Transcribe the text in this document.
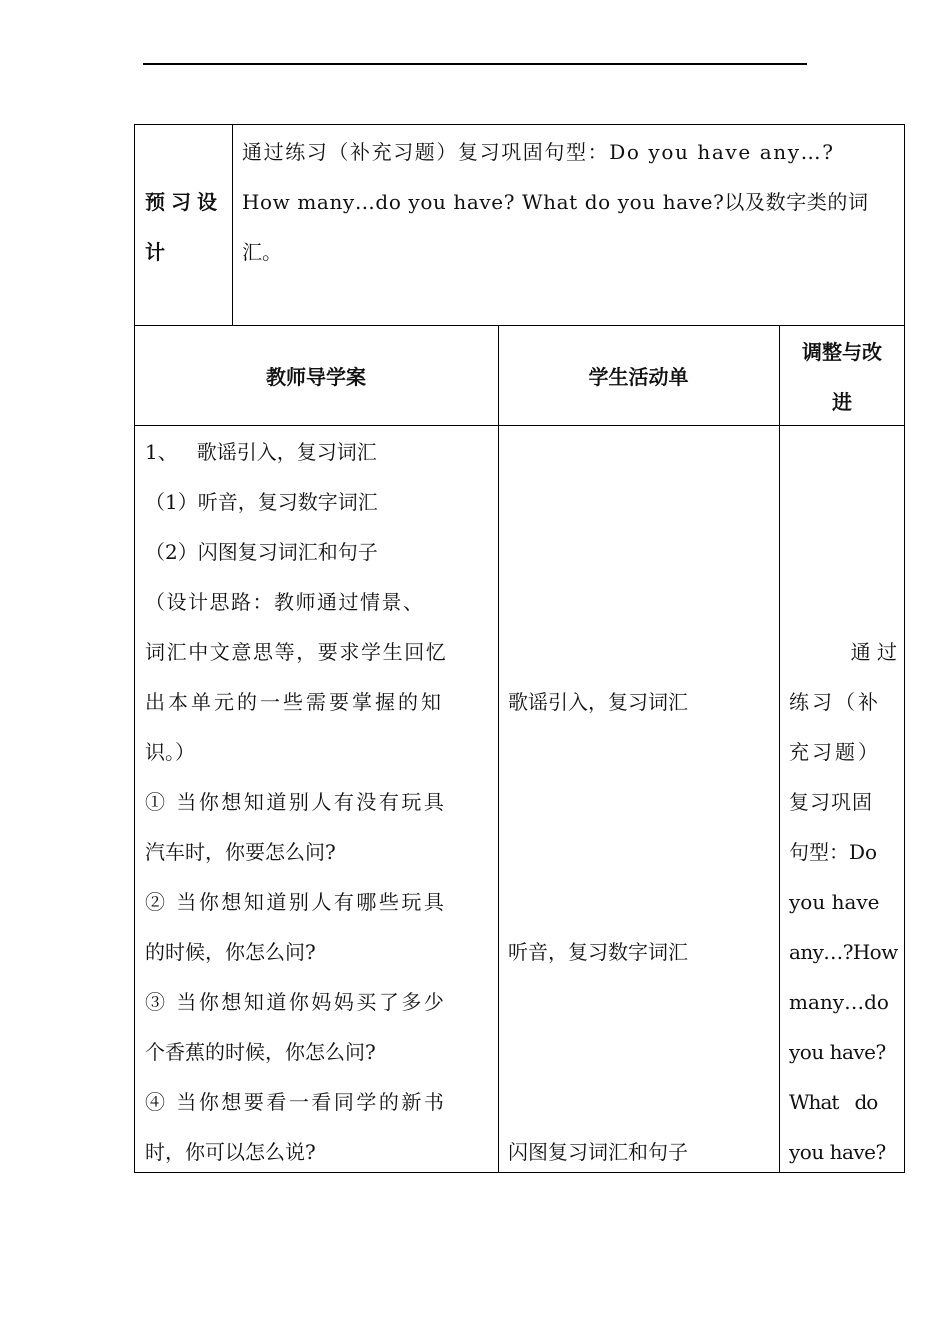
预习设
计
通过练习（补充习题）复习巩固句型：Do you have any…?
How many…do you have? What do you have?以及数字类的词
汇。
教师导学案	学生活动单
调整与改
进
1、   歌谣引入，复习词汇
（1）听音，复习数字词汇
（2）闪图复习词汇和句子
（设计思路：教师通过情景、
词汇中文意思等，要求学生回忆
出本单元的一些需要掌握的知
识。）
① 当你想知道别人有没有玩具
汽车时，你要怎么问?
② 当你想知道别人有哪些玩具
的时候，你怎么问?
③ 当你想知道你妈妈买了多少
个香蕉的时候，你怎么问?
④ 当你想要看一看同学的新书
时，你可以怎么说?
歌谣引入，复习词汇
听音，复习数字词汇
闪图复习词汇和句子
通 过
练习（补
充习题）
复习巩固
句型：Do
you have
any…?How
many…do
you have?
What   do
you have?
